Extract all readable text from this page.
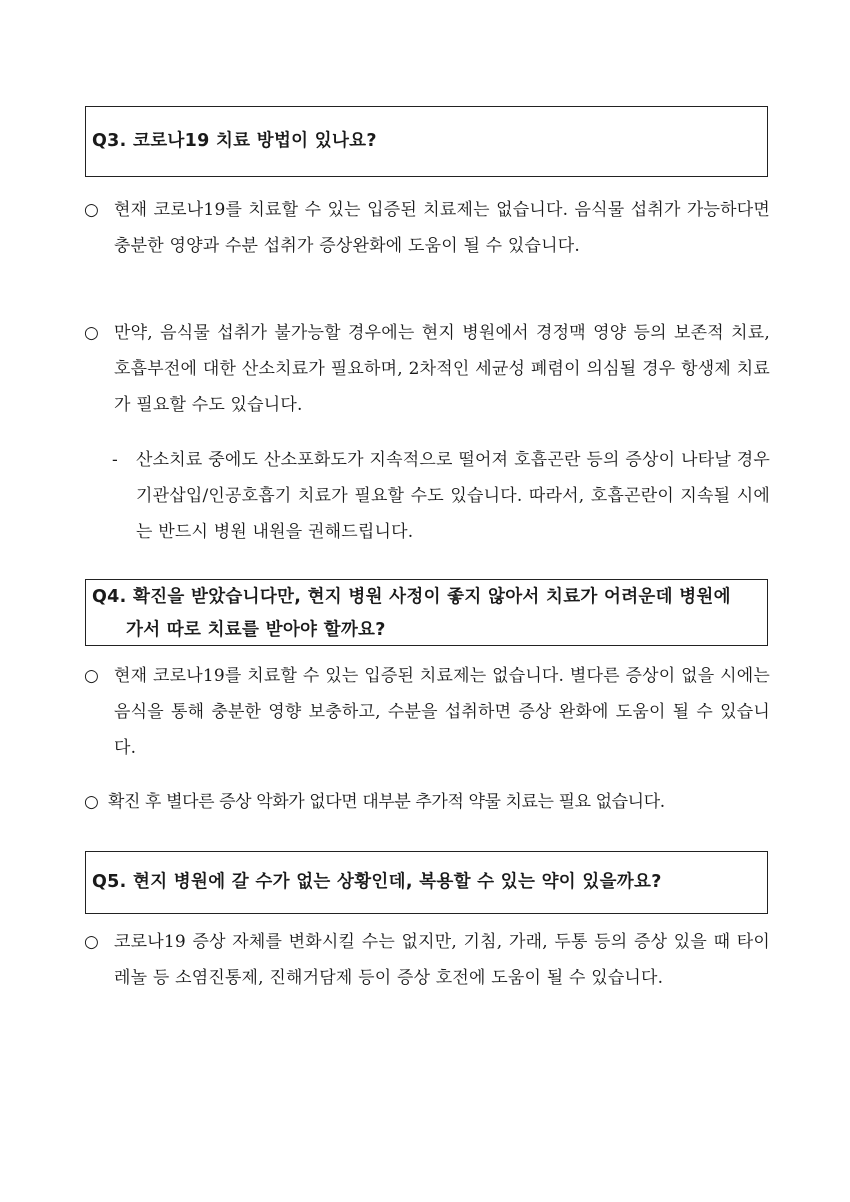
Q3. 코로나19 치료 방법이 있나요?
○ 현재 코로나19를 치료할 수 있는 입증된 치료제는 없습니다. 음식물 섭취가 가능하다면 충분한 영양과 수분 섭취가 증상완화에 도움이 될 수 있습니다.
○ 만약, 음식물 섭취가 불가능할 경우에는 현지 병원에서 경정맥 영양 등의 보존적 치료, 호흡부전에 대한 산소치료가 필요하며, 2차적인 세균성 폐렴이 의심될 경우 항생제 치료가 필요할 수도 있습니다.
- 산소치료 중에도 산소포화도가 지속적으로 떨어져 호흡곤란 등의 증상이 나타날 경우 기관삽입/인공호흡기 치료가 필요할 수도 있습니다. 따라서, 호흡곤란이 지속될 시에는 반드시 병원 내원을 권해드립니다.
Q4. 확진을 받았습니다만, 현지 병원 사정이 좋지 않아서 치료가 어려운데 병원에 가서 따로 치료를 받아야 할까요?
○ 현재 코로나19를 치료할 수 있는 입증된 치료제는 없습니다. 별다른 증상이 없을 시에는 음식을 통해 충분한 영향 보충하고, 수분을 섭취하면 증상 완화에 도움이 될 수 있습니다.
○ 확진 후 별다른 증상 악화가 없다면 대부분 추가적 약물 치료는 필요 없습니다.
Q5. 현지 병원에 갈 수가 없는 상황인데, 복용할 수 있는 약이 있을까요?
○ 코로나19 증상 자체를 변화시킬 수는 없지만, 기침, 가래, 두통 등의 증상 있을 때 타이레놀 등 소염진통제, 진해거담제 등이 증상 호전에 도움이 될 수 있습니다.
